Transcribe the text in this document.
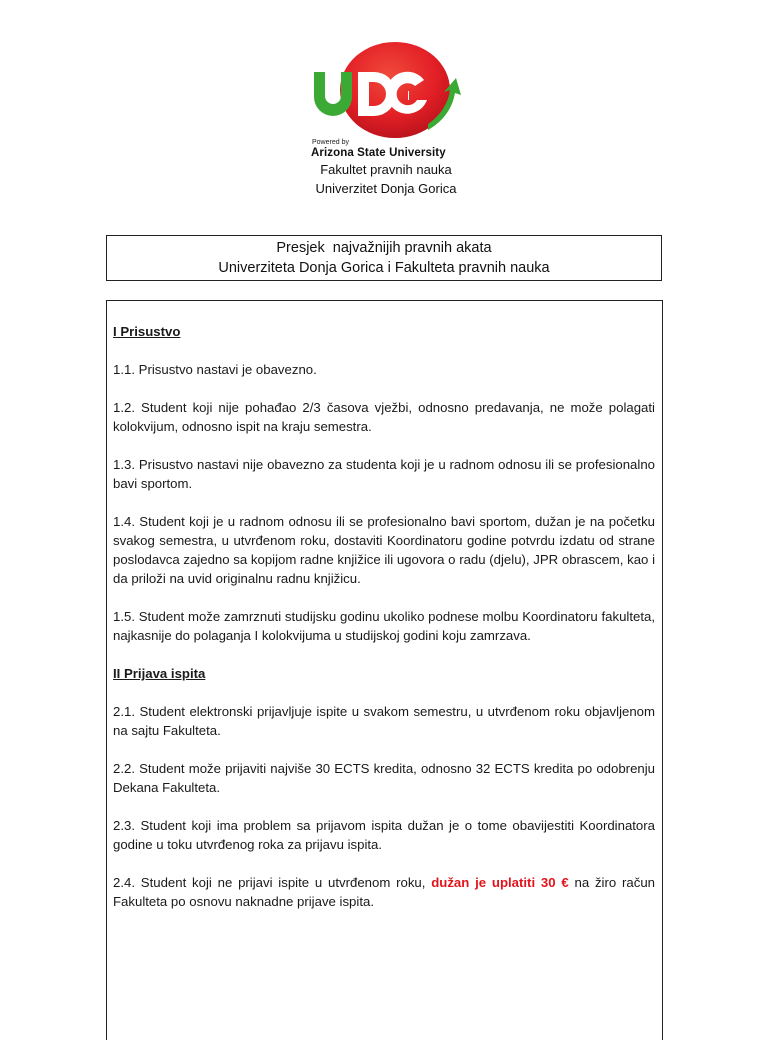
Powered by
Arizona State University
Fakultet pravnih nauka
Univerzitet Donja Gorica
Presjek  najvažnijih pravnih akata
Univerziteta Donja Gorica i Fakulteta pravnih nauka
I Prisustvo

1.1. Prisustvo nastavi je obavezno.

1.2. Student koji nije pohađao 2/3 časova vježbi, odnosno predavanja, ne može polagati kolokvijum, odnosno ispit na kraju semestra.

1.3. Prisustvo nastavi nije obavezno za studenta koji je u radnom odnosu ili se profesionalno bavi sportom.

1.4. Student koji je u radnom odnosu ili se profesionalno bavi sportom, dužan je na početku svakog semestra, u utvrđenom roku, dostaviti Koordinatoru godine potvrdu izdatu od strane poslodavca zajedno sa kopijom radne knjižice ili ugovora o radu (djelu), JPR obrascem, kao i da priloži na uvid originalnu radnu knjižicu.

1.5. Student može zamrznuti studijsku godinu ukoliko podnese molbu Koordinatoru fakulteta, najkasnije do polaganja I kolokvijuma u studijskoj godini koju zamrzava.

II Prijava ispita

2.1. Student elektronski prijavljuje ispite u svakom semestru, u utvrđenom roku objavljenom na sajtu Fakulteta.

2.2. Student može prijaviti najviše 30 ECTS kredita, odnosno 32 ECTS kredita po odobrenju Dekana Fakulteta.

2.3. Student koji ima problem sa prijavom ispita dužan je o tome obavijestiti Koordinatora godine u toku utvrđenog roka za prijavu ispita.

2.4. Student koji ne prijavi ispite u utvrđenom roku, dužan je uplatiti 30 € na žiro račun Fakulteta po osnovu naknadne prijave ispita.
